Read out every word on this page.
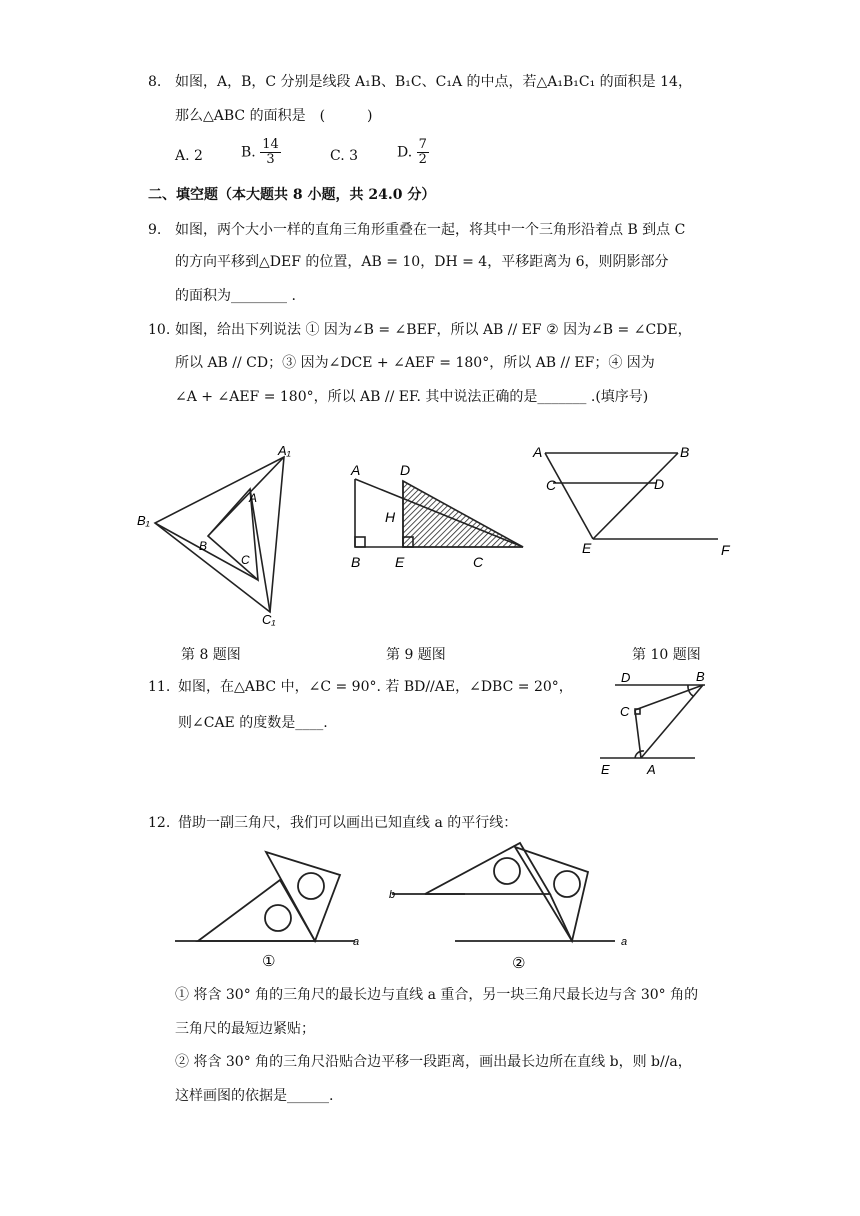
8. 如图，A，B，C 分别是线段 A₁B、B₁C、C₁A 的中点，若△A₁B₁C₁ 的面积是 14，
那么△ABC 的面积是　(　　　)
A. 2	B. $\frac{14}{3}$	C. 3	D. $\frac{7}{2}$
二、填空题（本大题共 8 小题，共 24.0 分）
9. 如图，两个大小一样的直角三角形重叠在一起，将其中一个三角形沿着点 B 到点 C
的方向平移到△DEF 的位置，AB = 10，DH = 4，平移距离为 6，则阴影部分
的面积为________ .
10. 如图，给出下列说法 ① 因为∠B = ∠BEF，所以 AB // EF ② 因为∠B = ∠CDE，
所以 AB // CD；③ 因为∠DCE + ∠AEF = 180°，所以 AB // EF；④ 因为
∠A + ∠AEF = 180°，所以 AB // EF. 其中说法正确的是_______ .(填序号)
A₁
B₁
C₁
A
B
C
A	D
H
B E	C
A	B
C	D
E	F
第 8 题图	第 9 题图	第 10 题图
11. 如图，在△ABC 中，∠C = 90°. 若 BD//AE，∠DBC = 20°，
则∠CAE 的度数是____.
D	B
C
E	A
12. 借助一副三角尺，我们可以画出已知直线 a 的平行线：
a	a
b
①	②
① 将含 30° 角的三角尺的最长边与直线 a 重合，另一块三角尺最长边与含 30° 角的
三角尺的最短边紧贴；
② 将含 30° 角的三角尺沿贴合边平移一段距离，画出最长边所在直线 b，则 b//a，
这样画图的依据是______.
